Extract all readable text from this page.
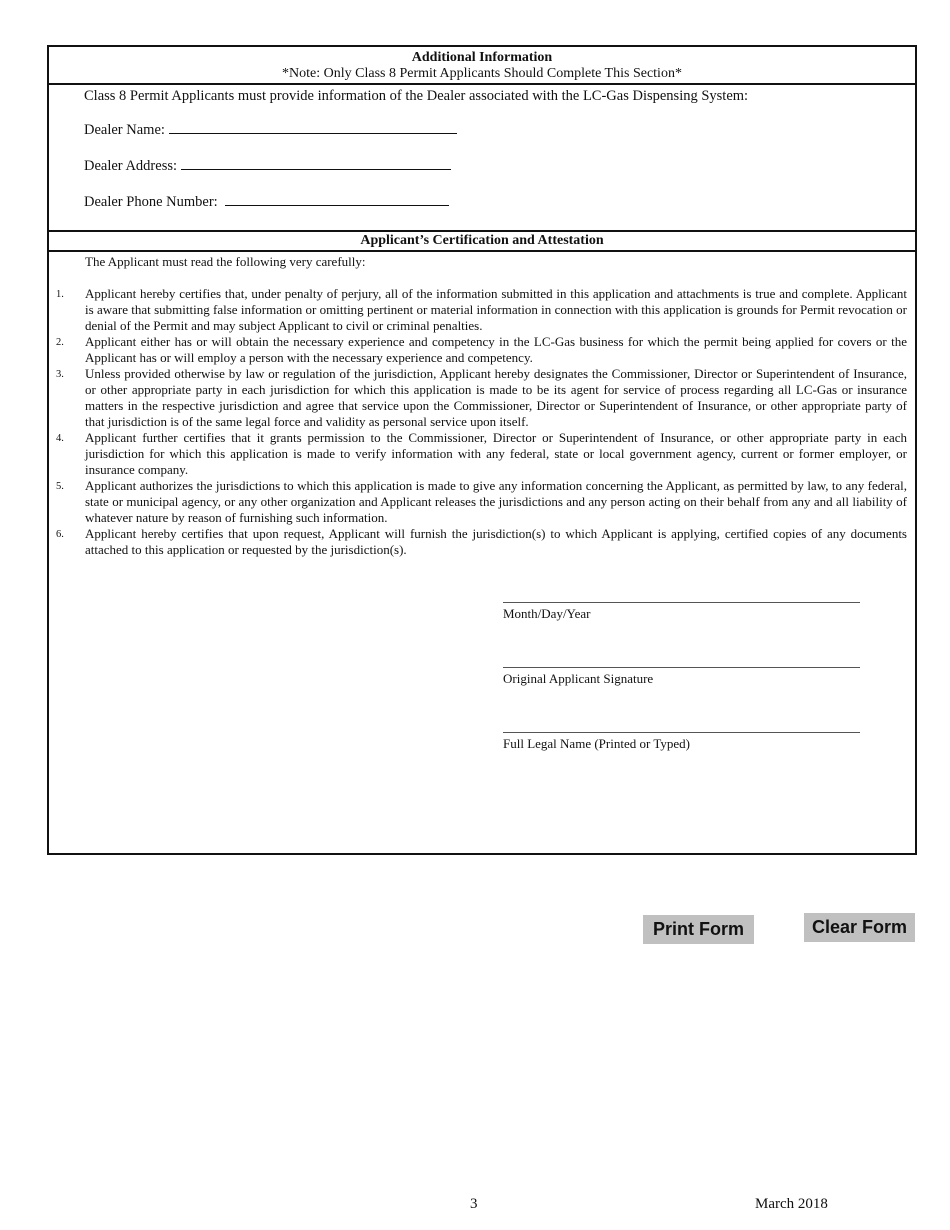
Additional Information
*Note: Only Class 8 Permit Applicants Should Complete This Section*
Class 8 Permit Applicants must provide information of the Dealer associated with the LC-Gas Dispensing System:
Dealer Name:
Dealer Address:
Dealer Phone Number:
Applicant’s Certification and Attestation
The Applicant must read the following very carefully:
1. Applicant hereby certifies that, under penalty of perjury, all of the information submitted in this application and attachments is true and complete. Applicant is aware that submitting false information or omitting pertinent or material information in connection with this application is grounds for Permit revocation or denial of the Permit and may subject Applicant to civil or criminal penalties.
2. Applicant either has or will obtain the necessary experience and competency in the LC-Gas business for which the permit being applied for covers or the Applicant has or will employ a person with the necessary experience and competency.
3. Unless provided otherwise by law or regulation of the jurisdiction, Applicant hereby designates the Commissioner, Director or Superintendent of Insurance, or other appropriate party in each jurisdiction for which this application is made to be its agent for service of process regarding all LC-Gas or insurance matters in the respective jurisdiction and agree that service upon the Commissioner, Director or Superintendent of Insurance, or other appropriate party of that jurisdiction is of the same legal force and validity as personal service upon itself.
4. Applicant further certifies that it grants permission to the Commissioner, Director or Superintendent of Insurance, or other appropriate party in each jurisdiction for which this application is made to verify information with any federal, state or local government agency, current or former employer, or insurance company.
5. Applicant authorizes the jurisdictions to which this application is made to give any information concerning the Applicant, as permitted by law, to any federal, state or municipal agency, or any other organization and Applicant releases the jurisdictions and any person acting on their behalf from any and all liability of whatever nature by reason of furnishing such information.
6. Applicant hereby certifies that upon request, Applicant will furnish the jurisdiction(s) to which Applicant is applying, certified copies of any documents attached to this application or requested by the jurisdiction(s).
Month/Day/Year
Original Applicant Signature
Full Legal Name (Printed or Typed)
Print Form	Clear Form
3	March 2018
